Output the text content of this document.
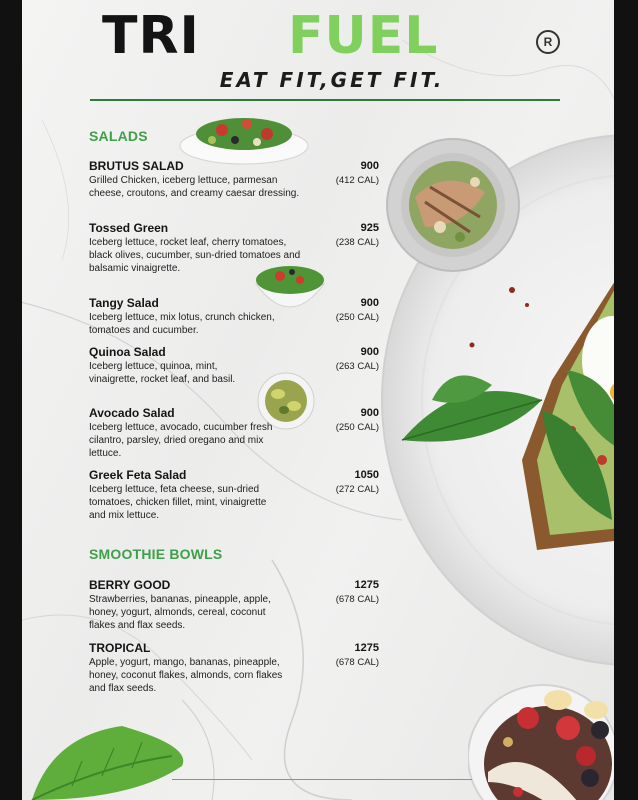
TRI FUEL	R
EAT FIT,GET FIT.
SALADS
BRUTUS SALAD
Grilled Chicken, iceberg lettuce, parmesan cheese, croutons, and creamy caesar dressing.
900
(412 CAL)
Tossed Green
Iceberg lettuce, rocket leaf, cherry tomatoes, black olives, cucumber, sun-dried tomatoes and balsamic vinaigrette.
925
(238 CAL)
Tangy Salad
Iceberg lettuce, mix lotus, crunch chicken, tomatoes and cucumber.
900
(250 CAL)
Quinoa Salad
Iceberg lettuce, quinoa, mint, vinaigrette, rocket leaf, and basil.
900
(263 CAL)
Avocado Salad
Iceberg lettuce, avocado, cucumber fresh cilantro, parsley, dried oregano and mix lettuce.
900
(250 CAL)
Greek Feta Salad
Iceberg lettuce, feta cheese, sun-dried tomatoes, chicken fillet, mint, vinaigrette and mix lettuce.
1050
(272 CAL)
SMOOTHIE BOWLS
BERRY GOOD
Strawberries, bananas, pineapple, apple, honey, yogurt, almonds, cereal, coconut flakes and flax seeds.
1275
(678 CAL)
TROPICAL
Apple, yogurt, mango, bananas, pineapple, honey, coconut flakes, almonds, corn flakes and flax seeds.
1275
(678 CAL)
